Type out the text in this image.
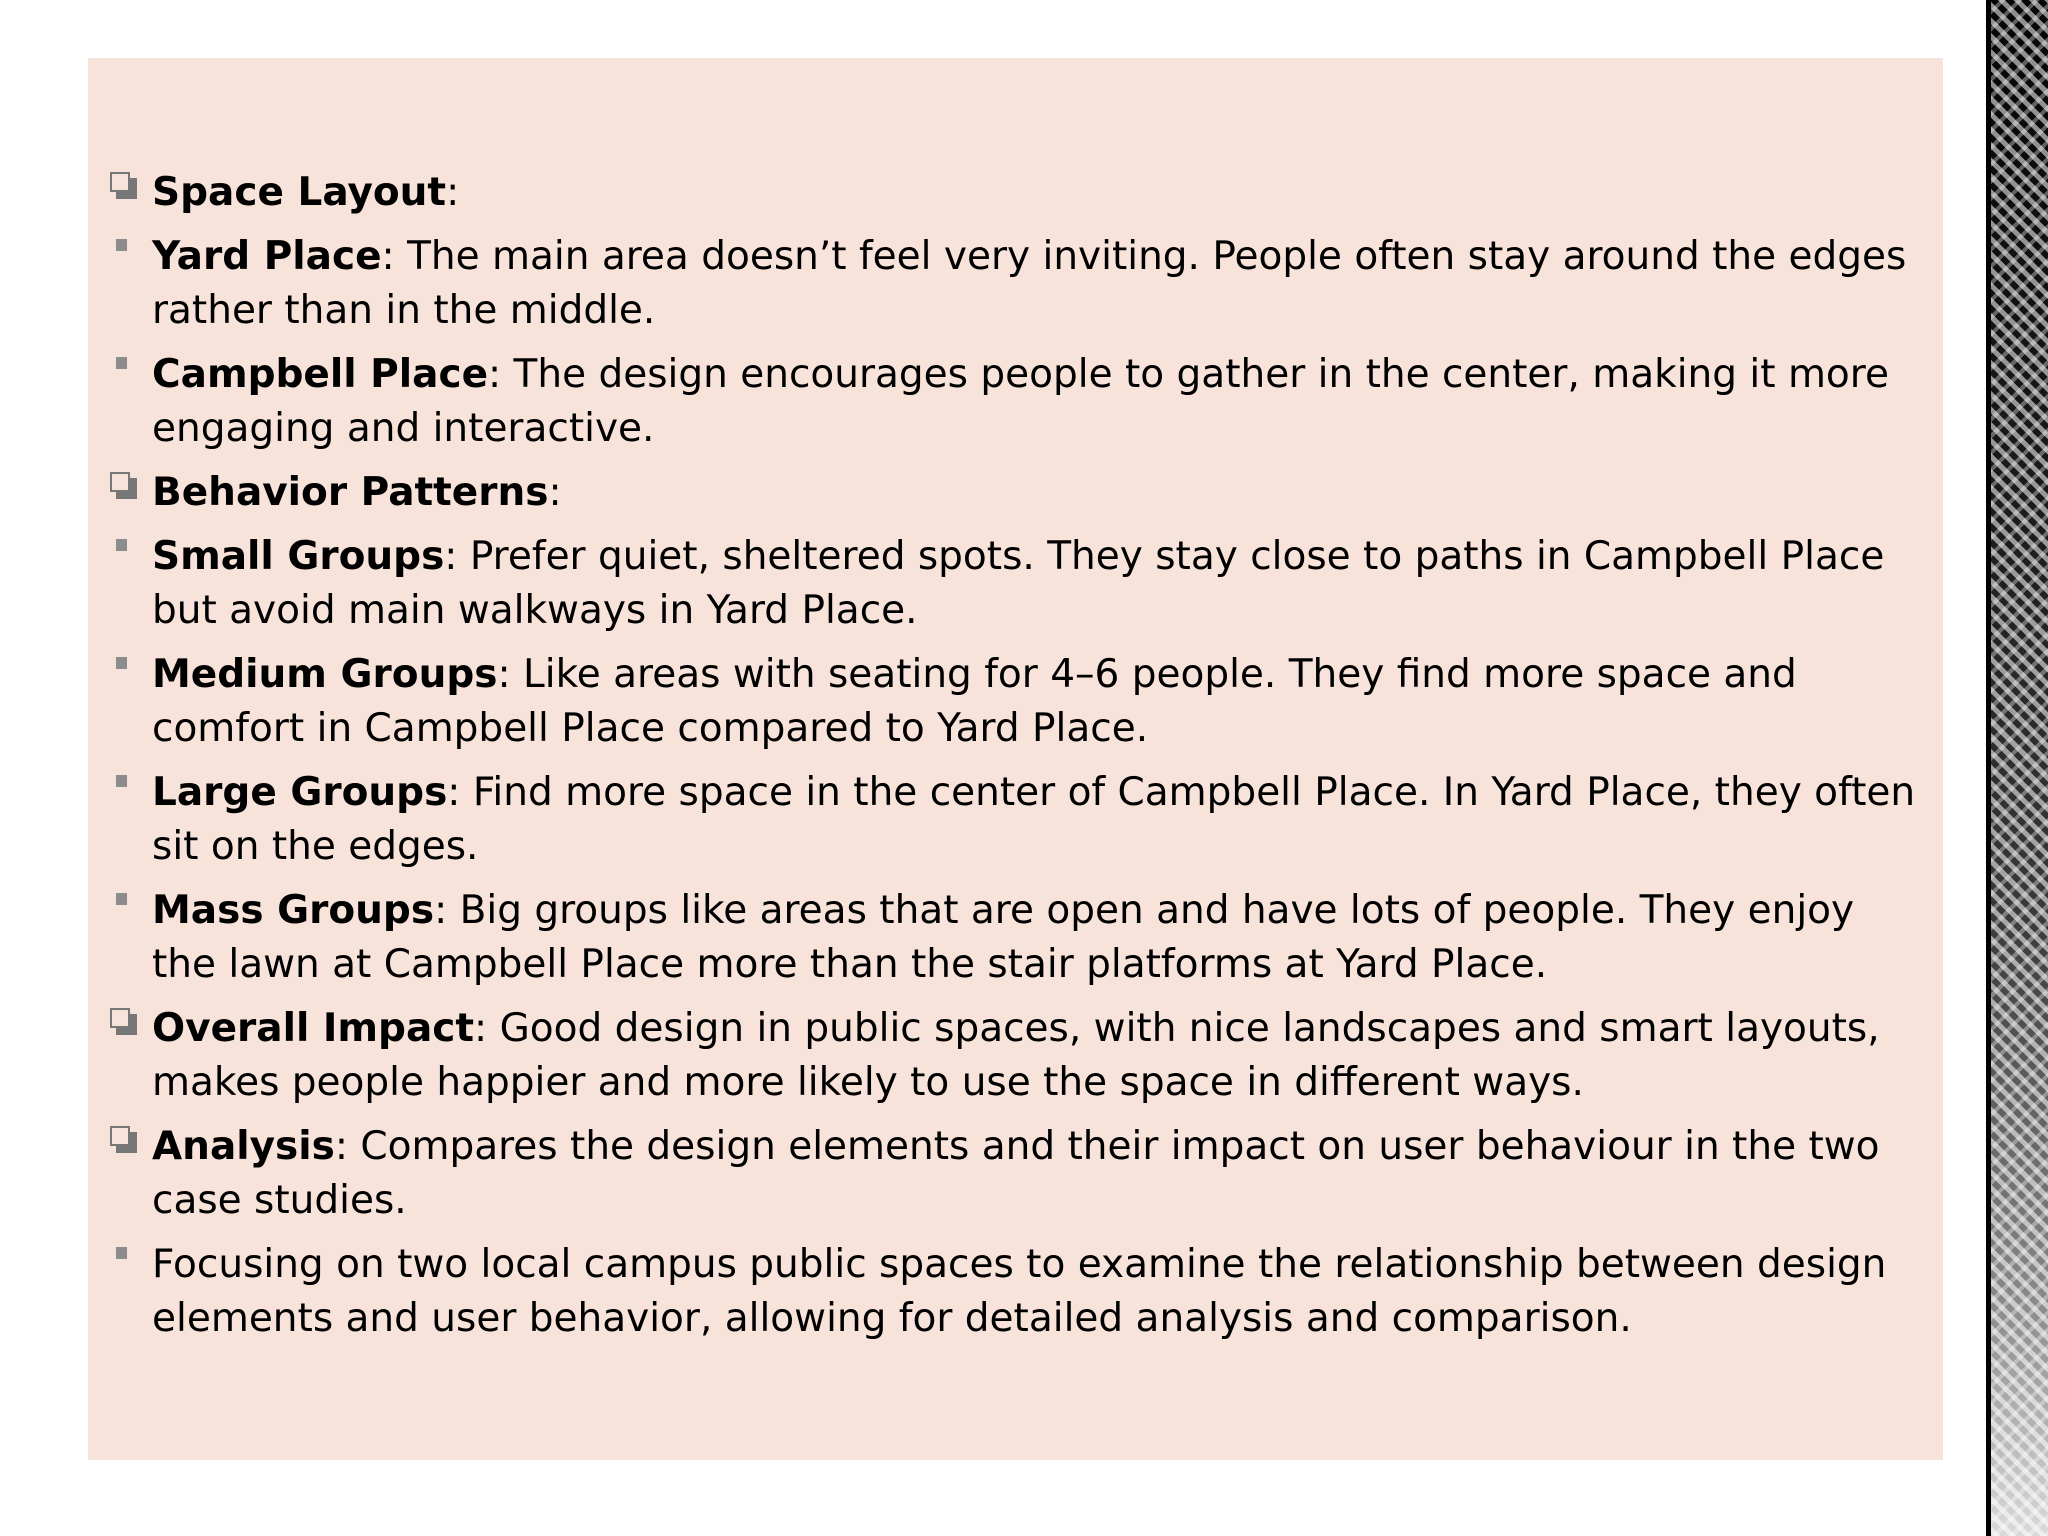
Space Layout:
Yard Place: The main area doesn’t feel very inviting. People often stay around the edges rather than in the middle.
Campbell Place: The design encourages people to gather in the center, making it more engaging and interactive.
Behavior Patterns:
Small Groups: Prefer quiet, sheltered spots. They stay close to paths in Campbell Place but avoid main walkways in Yard Place.
Medium Groups: Like areas with seating for 4–6 people. They find more space and comfort in Campbell Place compared to Yard Place.
Large Groups: Find more space in the center of Campbell Place. In Yard Place, they often sit on the edges.
Mass Groups: Big groups like areas that are open and have lots of people. They enjoy the lawn at Campbell Place more than the stair platforms at Yard Place.
Overall Impact: Good design in public spaces, with nice landscapes and smart layouts, makes people happier and more likely to use the space in different ways.
Analysis: Compares the design elements and their impact on user behaviour in the two case studies.
Focusing on two local campus public spaces to examine the relationship between design elements and user behavior, allowing for detailed analysis and comparison.
